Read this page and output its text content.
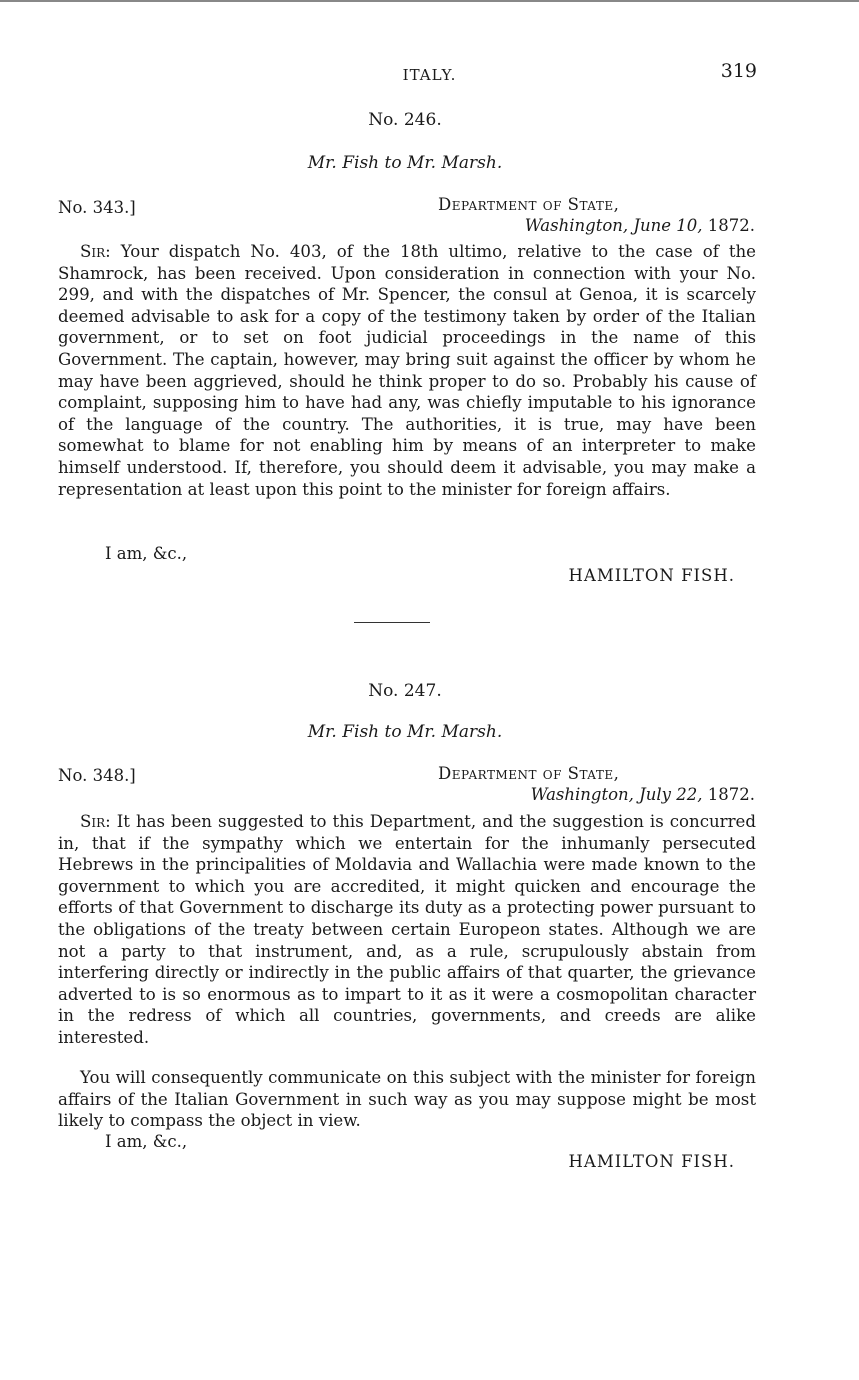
ITALY.	319
No. 246.
Mr. Fish to Mr. Marsh.
No. 343.]	Department of State,
Washington, June 10, 1872.

Sir: Your dispatch No. 403, of the 18th ultimo, relative to the case of the Shamrock, has been received. Upon consideration in connection with your No. 299, and with the dispatches of Mr. Spencer, the consul at Genoa, it is scarcely deemed advisable to ask for a copy of the testimony taken by order of the Italian government, or to set on foot judicial proceedings in the name of this Government. The captain, however, may bring suit against the officer by whom he may have been aggrieved, should he think proper to do so. Probably his cause of complaint, supposing him to have had any, was chiefly imputable to his ignorance of the language of the country. The authorities, it is true, may have been somewhat to blame for not enabling him by means of an interpreter to make himself understood. If, therefore, you should deem it advisable, you may make a representation at least upon this point to the minister for foreign affairs.

I am, &c.,
HAMILTON FISH.
No. 247.
Mr. Fish to Mr. Marsh.
No. 348.]	Department of State,
Washington, July 22, 1872.

Sir: It has been suggested to this Department, and the suggestion is concurred in, that if the sympathy which we entertain for the inhumanly persecuted Hebrews in the principalities of Moldavia and Wallachia were made known to the government to which you are accredited, it might quicken and encourage the efforts of that Government to discharge its duty as a protecting power pursuant to the obligations of the treaty between certain Europeon states. Although we are not a party to that instrument, and, as a rule, scrupulously abstain from interfering directly or indirectly in the public affairs of that quarter, the grievance adverted to is so enormous as to impart to it as it were a cosmopolitan character in the redress of which all countries, governments, and creeds are alike interested.

You will consequently communicate on this subject with the minister for foreign affairs of the Italian Government in such way as you may suppose might be most likely to compass the object in view.

I am, &c.,
HAMILTON FISH.
